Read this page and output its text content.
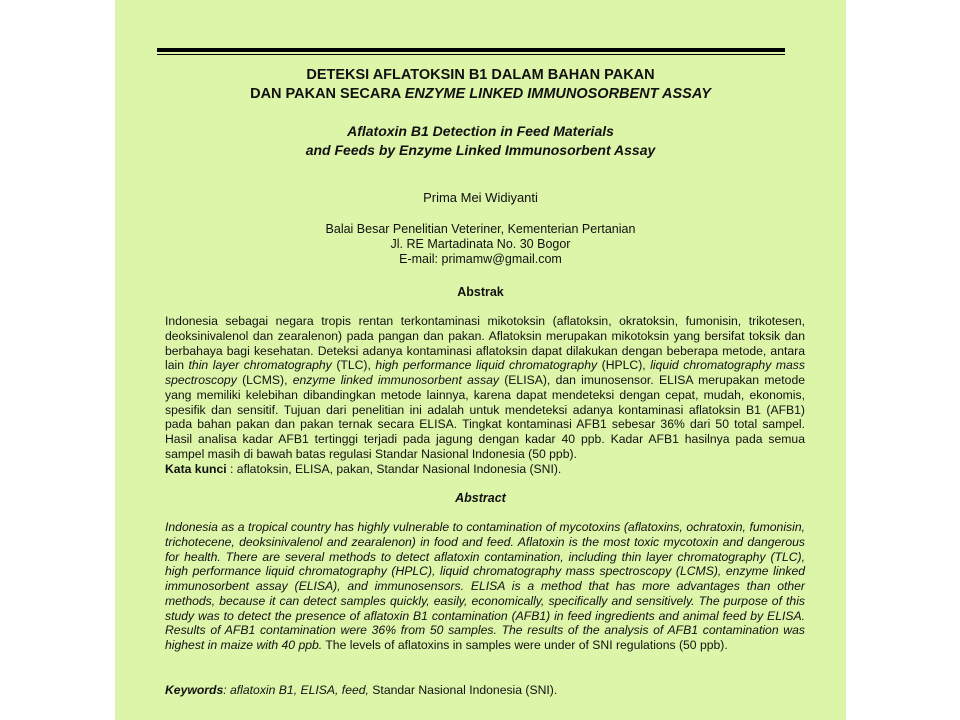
DETEKSI AFLATOKSIN B1 DALAM BAHAN PAKAN
DAN PAKAN SECARA ENZYME LINKED IMMUNOSORBENT ASSAY
Aflatoxin B1 Detection in Feed Materials
and Feeds by Enzyme Linked Immunosorbent Assay
Prima Mei Widiyanti
Balai Besar Penelitian Veteriner, Kementerian Pertanian
Jl. RE Martadinata No. 30 Bogor
E-mail: primamw@gmail.com
Abstrak

Indonesia sebagai negara tropis rentan terkontaminasi mikotoksin (aflatoksin, okratoksin, fumonisin, trikotesen, deoksinivalenol dan zearalenon) pada pangan dan pakan. Aflatoksin merupakan mikotoksin yang bersifat toksik dan berbahaya bagi kesehatan. Deteksi adanya kontaminasi aflatoksin dapat dilakukan dengan beberapa metode, antara lain thin layer chromatography (TLC), high performance liquid chromatography (HPLC), liquid chromatography mass spectroscopy (LCMS), enzyme linked immunosorbent assay (ELISA), dan imunosensor. ELISA merupakan metode yang memiliki kelebihan dibandingkan metode lainnya, karena dapat mendeteksi dengan cepat, mudah, ekonomis, spesifik dan sensitif. Tujuan dari penelitian ini adalah untuk mendeteksi adanya kontaminasi aflatoksin B1 (AFB1) pada bahan pakan dan pakan ternak secara ELISA. Tingkat kontaminasi AFB1 sebesar 36% dari 50 total sampel. Hasil analisa kadar AFB1 tertinggi terjadi pada jagung dengan kadar 40 ppb. Kadar AFB1 hasilnya pada semua sampel masih di bawah batas regulasi Standar Nasional Indonesia (50 ppb).

Kata kunci : aflatoksin, ELISA, pakan, Standar Nasional Indonesia (SNI).
Abstract

Indonesia as a tropical country has highly vulnerable to contamination of mycotoxins (aflatoxins, ochratoxin, fumonisin, trichotecene, deoksinivalenol and zearalenon) in food and feed. Aflatoxin is the most toxic mycotoxin and dangerous for health. There are several methods to detect aflatoxin contamination, including thin layer chromatography (TLC), high performance liquid chromatography (HPLC), liquid chromatography mass spectroscopy (LCMS), enzyme linked immunosorbent assay (ELISA), and immunosensors. ELISA is a method that has more advantages than other methods, because it can detect samples quickly, easily, economically, specifically and sensitively. The purpose of this study was to detect the presence of aflatoxin B1 contamination (AFB1) in feed ingredients and animal feed by ELISA. Results of AFB1 contamination were 36% from 50 samples. The results of the analysis of AFB1 contamination was highest in maize with 40 ppb. The levels of aflatoxins in samples were under of SNI regulations (50 ppb).

Keywords: aflatoxin B1, ELISA, feed, Standar Nasional Indonesia (SNI).
